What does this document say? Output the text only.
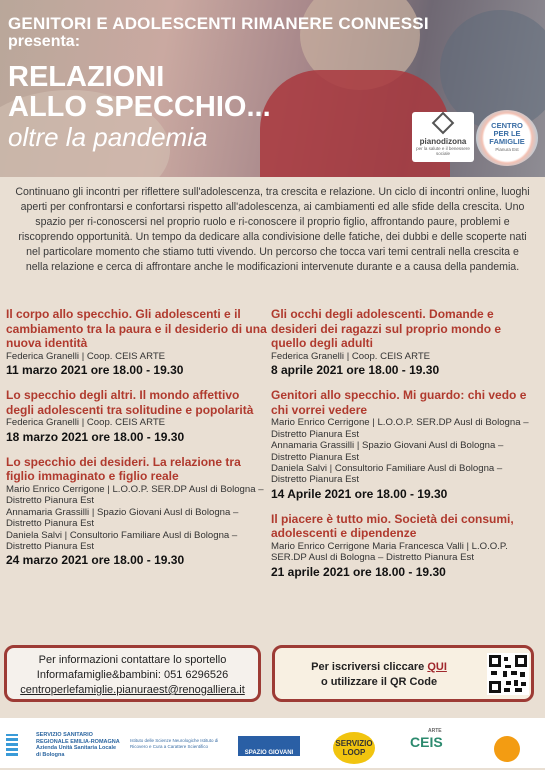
GENITORI E ADOLESCENTI RIMANERE CONNESSI
presenta:
RELAZIONI
ALLO SPECCHIO...
oltre la pandemia	pianodizona
per la salute e il benessere sociale
CENTRO
PER LE
FAMIGLIE
Pianura Est

Continuano gli incontri per riflettere sull'adolescenza, tra crescita e relazione. Un ciclo di incontri online, luoghi aperti per confrontarsi e confortarsi rispetto all'adolescenza, ai cambiamenti ed alle sfide della crescita. Uno spazio per ri-conoscersi nel proprio ruolo e ri-conoscere il proprio figlio, affrontando paure, problemi e riscoprendo opportunità. Un tempo da dedicare alla condivisione delle fatiche, dei dubbi e delle scoperte nati nel particolare momento che stiamo tutti vivendo. Un percorso che tocca vari temi centrali nella crescita e nella relazione e cerca di affrontare anche le modificazioni intervenute durante e a causa della pandemia.

Il corpo allo specchio. Gli adolescenti e il cambiamento tra la paura e il desiderio di una nuova identità

Federica Granelli | Coop. CEIS ARTE

11 marzo 2021 ore 18.00 - 19.30

Lo specchio degli altri. Il mondo affettivo degli adolescenti tra solitudine e popolarità

Federica Granelli | Coop. CEIS ARTE

18 marzo 2021 ore 18.00 - 19.30

Lo specchio dei desideri. La relazione tra figlio immaginato e figlio reale

Mario Enrico Cerrigone | L.O.O.P. SER.DP Ausl di Bologna – Distretto Pianura Est

Annamaria Grassilli | Spazio Giovani Ausl di Bologna – Distretto Pianura Est

Daniela Salvi | Consultorio Familiare Ausl di Bologna – Distretto Pianura Est

24 marzo 2021 ore 18.00 - 19.30

Gli occhi degli adolescenti. Domande e desideri dei ragazzi sul proprio mondo e quello degli adulti

Federica Granelli | Coop. CEIS ARTE

8 aprile 2021 ore 18.00 - 19.30

Genitori allo specchio. Mi guardo: chi vedo e chi vorrei vedere

Mario Enrico Cerrigone | L.O.O.P. SER.DP Ausl di Bologna – Distretto Pianura Est

Annamaria Grassilli | Spazio Giovani Ausl di Bologna – Distretto Pianura Est

Daniela Salvi | Consultorio Familiare Ausl di Bologna – Distretto Pianura Est

14 Aprile 2021 ore 18.00 - 19.30

Il piacere è tutto mio. Società dei consumi, adolescenti e dipendenze

Mario Enrico Cerrigone Maria Francesca Valli | L.O.O.P. SER.DP Ausl di Bologna – Distretto Pianura Est

21 aprile 2021 ore 18.00 - 19.30

Per informazioni contattare lo sportello
Informafamiglie&bambini: 051 6296526
centroperlefamiglie.pianuraest@renogalliera.it
Per iscriversi cliccare QUI
o utilizzare il QR Code
SERVIZIO SANITARIO REGIONALE EMILIA-ROMAGNA Azienda Unità Sanitaria Locale di Bologna
Istituto delle Scienze Neurologiche Istituto di Ricovero e Cura a Carattere Scientifico
SPAZIO GIOVANI
SERVIZIO
LOOP
ARTE
CEIS
